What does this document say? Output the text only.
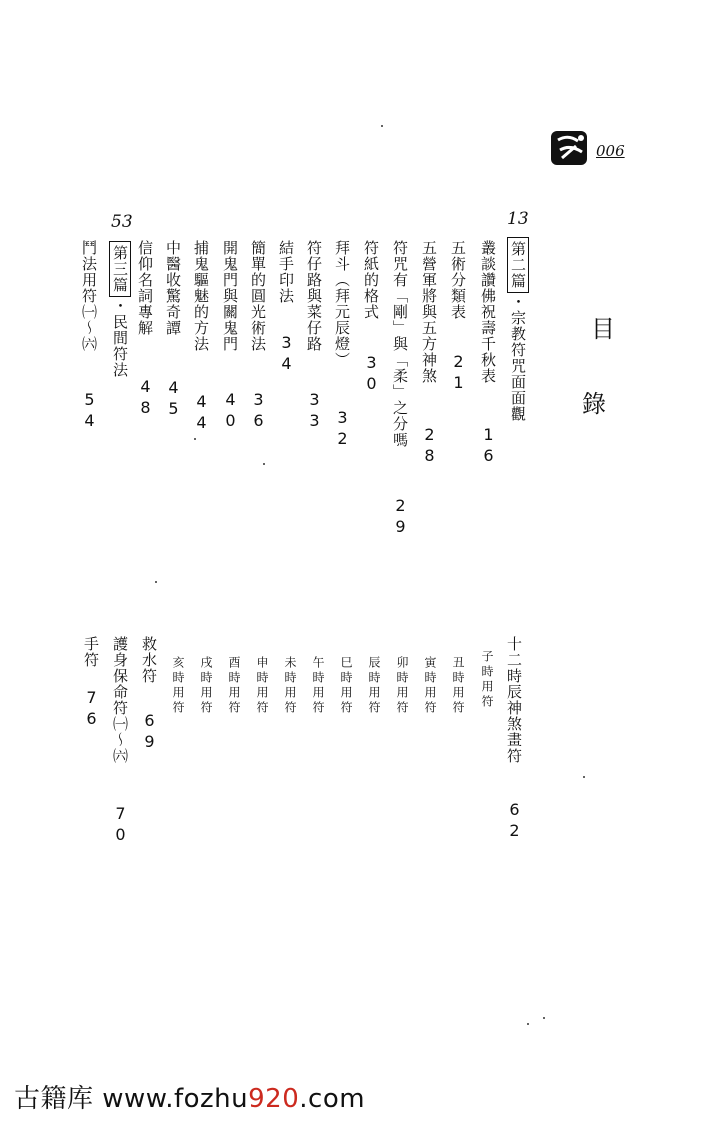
006
目
錄
13
53
第二篇・宗教符咒面面觀
第三篇・民間符法	叢談讚佛祝壽千秋表
16
五術分類表
21
五營軍將與五方神煞
28
符咒有「剛」與「柔」之分嗎
29
符紙的格式
30
拜斗（拜元辰燈）
32
符仔路與菜仔路
33
結手印法
34
簡單的圓光術法
36
開鬼門與關鬼門
40
捕鬼驅魅的方法
44
中醫收驚奇譚
45
信仰名詞專解
48
鬥法用符㈠～㈥
54
十二時辰神煞畫符
62
子時用符
丑時用符
寅時用符
卯時用符
辰時用符
巳時用符
午時用符
未時用符
申時用符
酉時用符
戌時用符
亥時用符
救水符
69
護身保命符㈠～㈥
70
手符
76
古籍库 www.fozhu920.com
